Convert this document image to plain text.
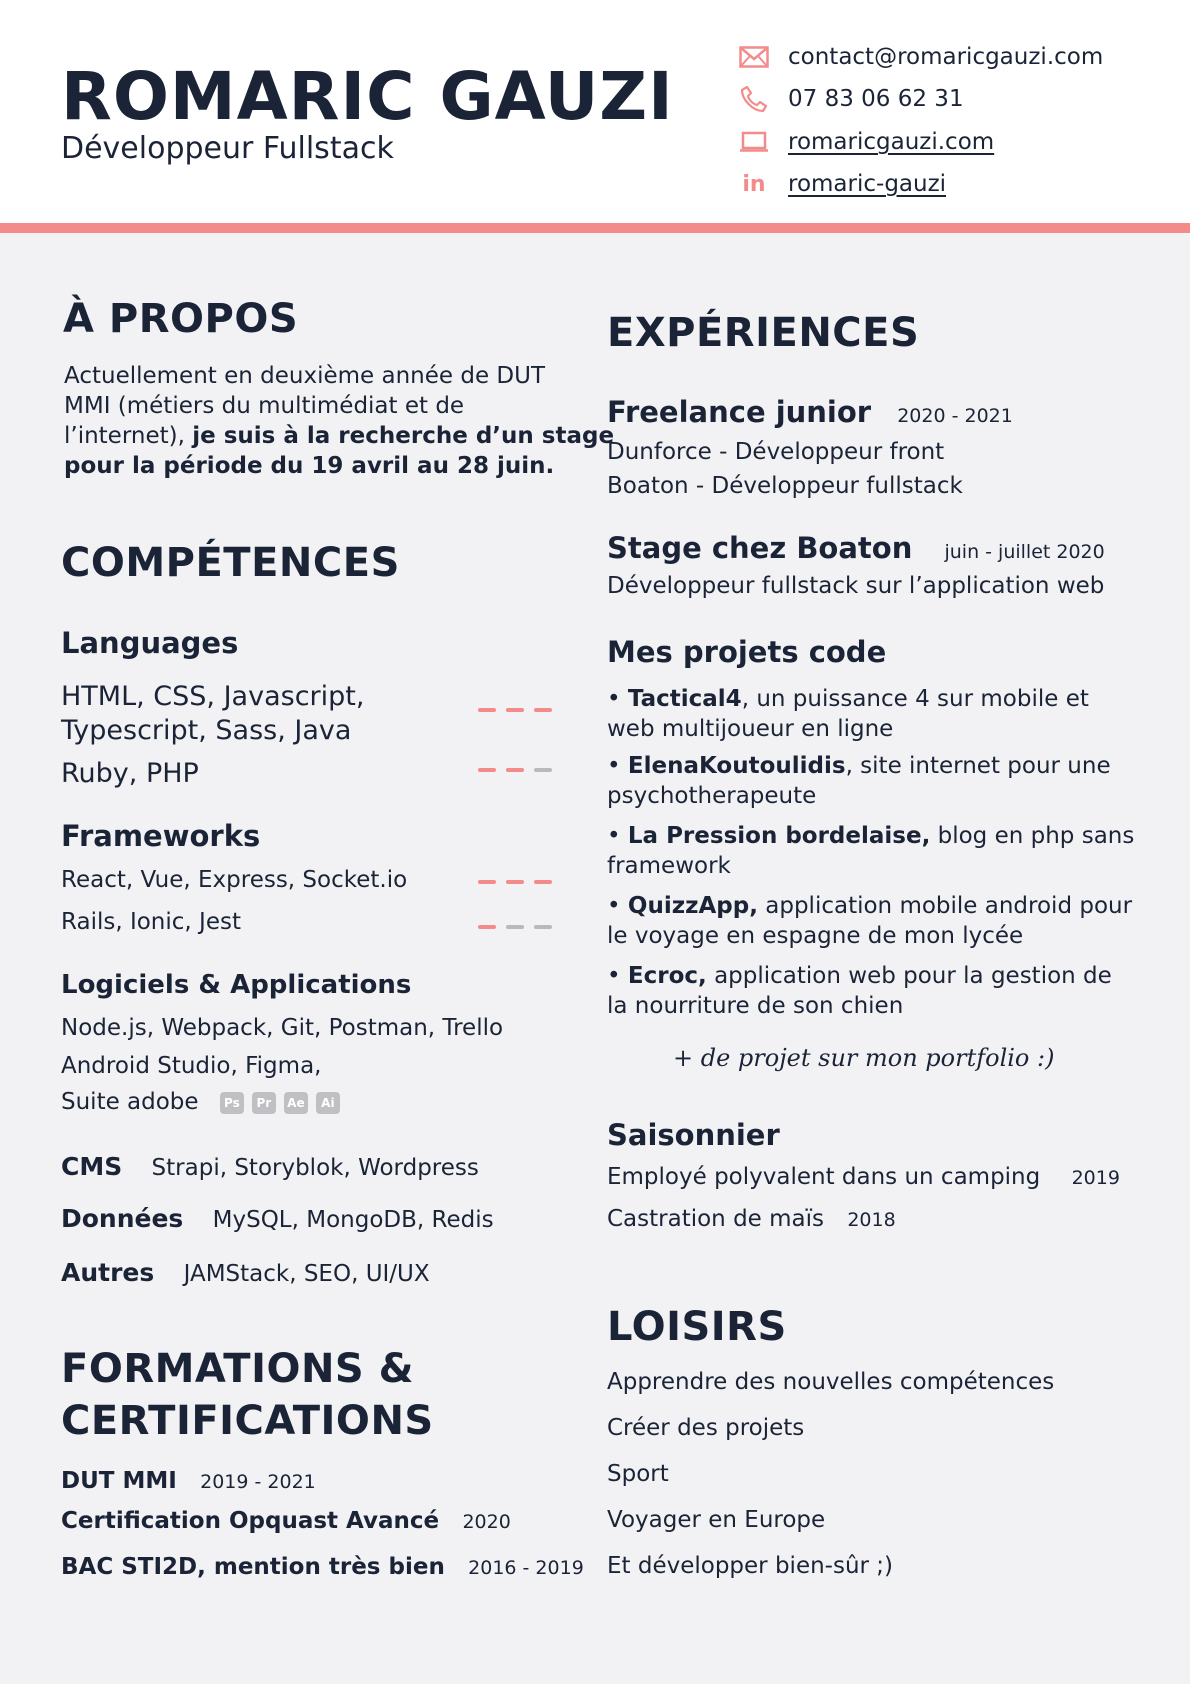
ROMARIC GAUZI
Développeur Fullstack
contact@romaricgauzi.com
07 83 06 62 31
romaricgauzi.com
in romaric-gauzi
À PROPOS
Actuellement en deuxième année de DUT
MMI (métiers du multimédiat et de
l’internet), je suis à la recherche d’un stage
pour la période du 19 avril au 28 juin.
COMPÉTENCES
Languages
HTML, CSS, Javascript,
Typescript, Sass, Java
Ruby, PHP
Frameworks
React, Vue, Express, Socket.io
Rails, Ionic, Jest
Logiciels & Applications
Node.js, Webpack, Git, Postman, Trello
Android Studio, Figma,
Suite adobe	Ps	Pr	Ae	Ai
CMS Strapi, Storyblok, Wordpress
Données MySQL, MongoDB, Redis
Autres JAMStack, SEO, UI/UX
FORMATIONS &
CERTIFICATIONS
DUT MMI 2019 - 2021
Certification Opquast Avancé 2020
BAC STI2D, mention très bien 2016 - 2019
EXPÉRIENCES
Freelance junior 2020 - 2021
Dunforce - Développeur front
Boaton - Développeur fullstack
Stage chez Boaton juin - juillet 2020
Développeur fullstack sur l’application web
Mes projets code
• Tactical4, un puissance 4 sur mobile et
web multijoueur en ligne
• ElenaKoutoulidis, site internet pour une
psychotherapeute
• La Pression bordelaise, blog en php sans
framework
• QuizzApp, application mobile android pour
le voyage en espagne de mon lycée
• Ecroc, application web pour la gestion de
la nourriture de son chien
+ de projet sur mon portfolio :)
Saisonnier
Employé polyvalent dans un camping 2019
Castration de maïs 2018
LOISIRS
Apprendre des nouvelles compétences
Créer des projets
Sport
Voyager en Europe
Et développer bien-sûr ;)
